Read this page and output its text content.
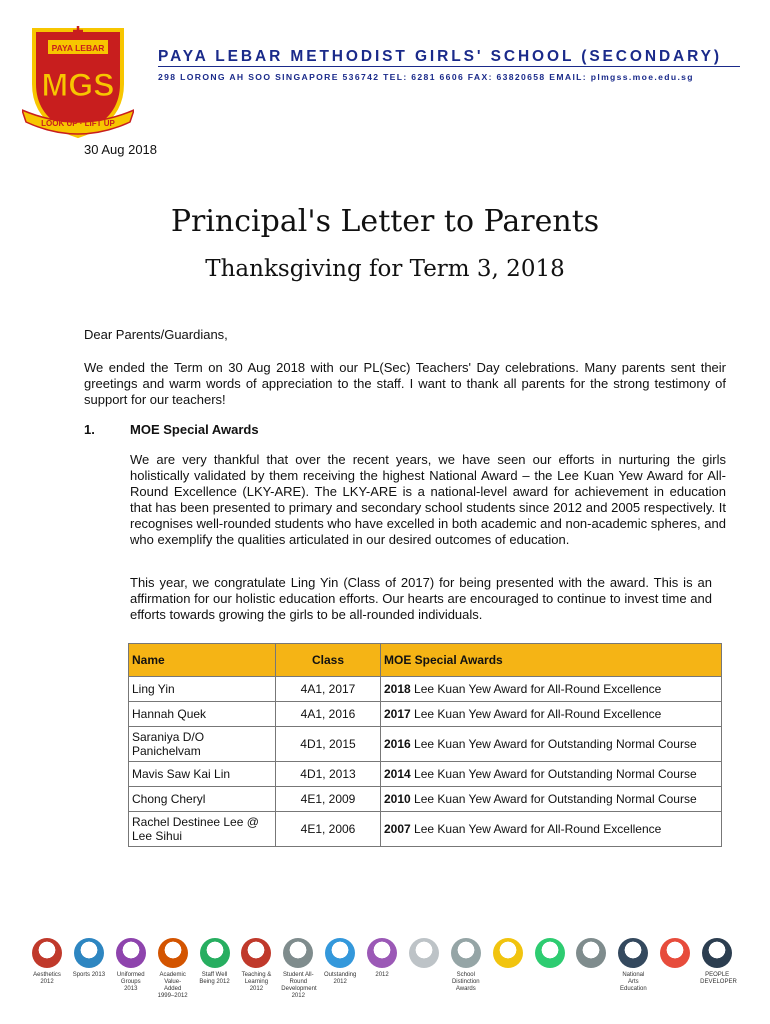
PAYA LEBAR
MGS
LOOK UP · LIFT UP
PAYA LEBAR METHODIST GIRLS' SCHOOL (SECONDARY)
298 LORONG AH SOO SINGAPORE 536742 TEL: 6281 6606 FAX: 63820658 EMAIL: plmgss.moe.edu.sg
30 Aug 2018
Principal's Letter to Parents
Thanksgiving for Term 3, 2018
Dear Parents/Guardians,
We ended the Term on 30 Aug 2018 with our PL(Sec) Teachers' Day celebrations. Many parents sent their greetings and warm words of appreciation to the staff. I want to thank all parents for the strong testimony of support for our teachers!
1.	MOE Special Awards
We are very thankful that over the recent years, we have seen our efforts in nurturing the girls holistically validated by them receiving the highest National Award – the Lee Kuan Yew Award for All-Round Excellence (LKY-ARE). The LKY-ARE is a national-level award for achievement in education that has been presented to primary and secondary school students since 2012 and 2005 respectively. It recognises well-rounded students who have excelled in both academic and non-academic spheres, and who exemplify the qualities articulated in our desired outcomes of education.
This year, we congratulate Ling Yin (Class of 2017) for being presented with the award. This is an affirmation for our holistic education efforts. Our hearts are encouraged to continue to invest time and efforts towards growing the girls to be all-rounded individuals.
Name	Class	MOE Special Awards
Ling Yin	4A1, 2017	2018 Lee Kuan Yew Award for All-Round Excellence
Hannah Quek	4A1, 2016	2017 Lee Kuan Yew Award for All-Round Excellence
Saraniya D/O Panichelvam	4D1, 2015	2016 Lee Kuan Yew Award for Outstanding Normal Course
Mavis Saw Kai Lin	4D1, 2013	2014 Lee Kuan Yew Award for Outstanding Normal Course
Chong Cheryl	4E1, 2009	2010 Lee Kuan Yew Award for Outstanding Normal Course
Rachel Destinee Lee @ Lee Sihui	4E1, 2006	2007 Lee Kuan Yew Award for All-Round Excellence
Aesthetics 2012
Sports 2013	Uniformed Groups 2013
Academic Value-Added 1999–2012
Staff Well Being 2012
Teaching & Learning 2012
Student All-Round Development 2012
Outstanding 2012
2012	School Distinction Awards
National Arts Education
PEOPLE DEVELOPER
